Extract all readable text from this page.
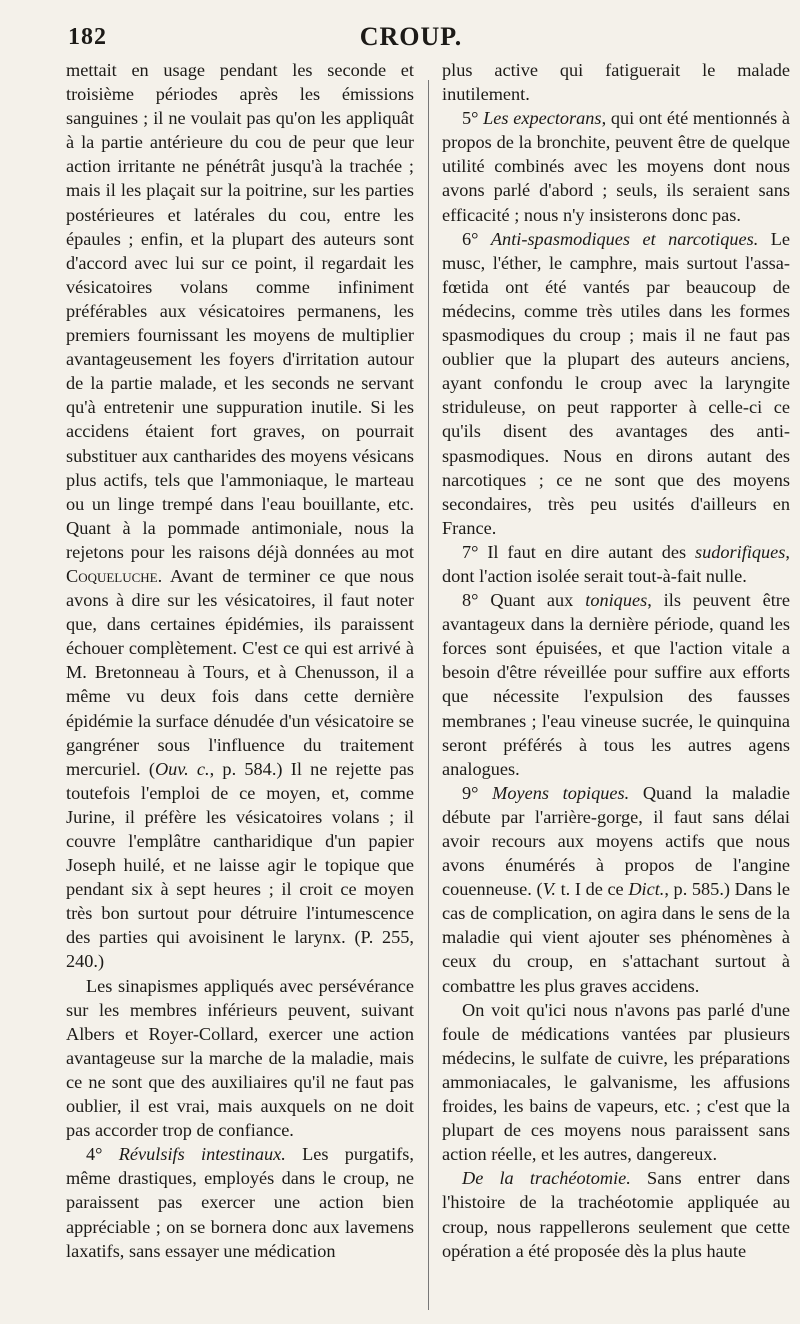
182	CROUP.

mettait en usage pendant les seconde et troisième périodes après les émissions sanguines ; il ne voulait pas qu'on les appliquât à la partie antérieure du cou de peur que leur action irritante ne pénétrât jusqu'à la trachée ; mais il les plaçait sur la poitrine, sur les parties postérieures et latérales du cou, entre les épaules ; enfin, et la plupart des auteurs sont d'accord avec lui sur ce point, il regardait les vésicatoires volans comme infiniment préférables aux vésicatoires permanens, les premiers fournissant les moyens de multiplier avantageusement les foyers d'irritation autour de la partie malade, et les seconds ne servant qu'à entretenir une suppuration inutile. Si les accidens étaient fort graves, on pourrait substituer aux cantharides des moyens vésicans plus actifs, tels que l'ammoniaque, le marteau ou un linge trempé dans l'eau bouillante, etc. Quant à la pommade antimoniale, nous la rejetons pour les raisons déjà données au mot Coqueluche. Avant de terminer ce que nous avons à dire sur les vésicatoires, il faut noter que, dans certaines épidémies, ils paraissent échouer complètement. C'est ce qui est arrivé à M. Bretonneau à Tours, et à Chenusson, il a même vu deux fois dans cette dernière épidémie la surface dénudée d'un vésicatoire se gangréner sous l'influence du traitement mercuriel. (Ouv. c., p. 584.) Il ne rejette pas toutefois l'emploi de ce moyen, et, comme Jurine, il préfère les vésicatoires volans ; il couvre l'emplâtre cantharidique d'un papier Joseph huilé, et ne laisse agir le topique que pendant six à sept heures ; il croit ce moyen très bon surtout pour détruire l'intumescence des parties qui avoisinent le larynx. (P. 255, 240.)

Les sinapismes appliqués avec persévérance sur les membres inférieurs peuvent, suivant Albers et Royer-Collard, exercer une action avantageuse sur la marche de la maladie, mais ce ne sont que des auxiliaires qu'il ne faut pas oublier, il est vrai, mais auxquels on ne doit pas accorder trop de confiance.

4° Révulsifs intestinaux. Les purgatifs, même drastiques, employés dans le croup, ne paraissent pas exercer une action bien appréciable ; on se bornera donc aux lavemens laxatifs, sans essayer une médication

plus active qui fatiguerait le malade inutilement.

5° Les expectorans, qui ont été mentionnés à propos de la bronchite, peuvent être de quelque utilité combinés avec les moyens dont nous avons parlé d'abord ; seuls, ils seraient sans efficacité ; nous n'y insisterons donc pas.

6° Anti-spasmodiques et narcotiques. Le musc, l'éther, le camphre, mais surtout l'assa-fœtida ont été vantés par beaucoup de médecins, comme très utiles dans les formes spasmodiques du croup ; mais il ne faut pas oublier que la plupart des auteurs anciens, ayant confondu le croup avec la laryngite striduleuse, on peut rapporter à celle-ci ce qu'ils disent des avantages des anti-spasmodiques. Nous en dirons autant des narcotiques ; ce ne sont que des moyens secondaires, très peu usités d'ailleurs en France.

7° Il faut en dire autant des sudorifiques, dont l'action isolée serait tout-à-fait nulle.

8° Quant aux toniques, ils peuvent être avantageux dans la dernière période, quand les forces sont épuisées, et que l'action vitale a besoin d'être réveillée pour suffire aux efforts que nécessite l'expulsion des fausses membranes ; l'eau vineuse sucrée, le quinquina seront préférés à tous les autres agens analogues.

9° Moyens topiques. Quand la maladie débute par l'arrière-gorge, il faut sans délai avoir recours aux moyens actifs que nous avons énumérés à propos de l'angine couenneuse. (V. t. I de ce Dict., p. 585.) Dans le cas de complication, on agira dans le sens de la maladie qui vient ajouter ses phénomènes à ceux du croup, en s'attachant surtout à combattre les plus graves accidens.

On voit qu'ici nous n'avons pas parlé d'une foule de médications vantées par plusieurs médecins, le sulfate de cuivre, les préparations ammoniacales, le galvanisme, les affusions froides, les bains de vapeurs, etc. ; c'est que la plupart de ces moyens nous paraissent sans action réelle, et les autres, dangereux.

De la trachéotomie. Sans entrer dans l'histoire de la trachéotomie appliquée au croup, nous rappellerons seulement que cette opération a été proposée dès la plus haute
